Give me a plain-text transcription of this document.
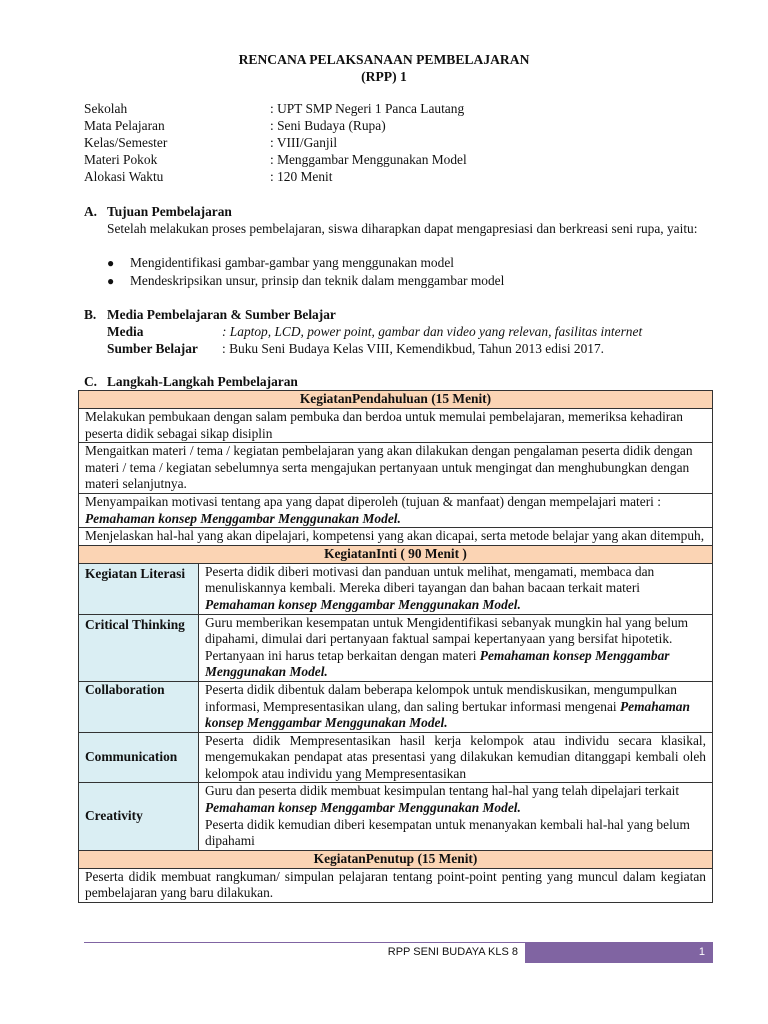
RENCANA PELAKSANAAN PEMBELAJARAN
(RPP) 1
Sekolah	: UPT SMP Negeri 1 Panca Lautang
Mata Pelajaran	: Seni Budaya (Rupa)
Kelas/Semester	: VIII/Ganjil
Materi Pokok	: Menggambar Menggunakan Model
Alokasi Waktu	: 120 Menit
A. Tujuan Pembelajaran
Setelah melakukan proses pembelajaran, siswa diharapkan dapat mengapresiasi dan berkreasi seni rupa, yaitu:
●	Mengidentifikasi gambar-gambar yang menggunakan model
●	Mendeskripsikan unsur, prinsip dan teknik dalam menggambar model
B. Media Pembelajaran & Sumber Belajar
Media	: Laptop, LCD, power point, gambar dan video yang relevan, fasilitas internet
Sumber Belajar	: Buku Seni Budaya Kelas VIII, Kemendikbud, Tahun 2013 edisi 2017.
C. Langkah-Langkah Pembelajaran
KegiatanPendahuluan (15 Menit)	
Melakukan pembukaan dengan salam pembuka dan berdoa untuk memulai pembelajaran, memeriksa kehadiran peserta didik sebagai sikap disiplin	
Mengaitkan materi / tema / kegiatan pembelajaran yang akan dilakukan dengan pengalaman peserta didik dengan materi / tema / kegiatan sebelumnya serta mengajukan pertanyaan untuk mengingat dan menghubungkan dengan materi selanjutnya.	
Menyampaikan motivasi tentang apa yang dapat diperoleh (tujuan & manfaat) dengan mempelajari materi : Pemahaman konsep Menggambar Menggunakan Model.	
Menjelaskan hal-hal yang akan dipelajari, kompetensi yang akan dicapai, serta metode belajar yang akan ditempuh,	
KegiatanInti ( 90 Menit )	
Kegiatan Literasi	Peserta didik diberi motivasi dan panduan untuk melihat, mengamati, membaca dan menuliskannya kembali. Mereka diberi tayangan dan bahan bacaan terkait materi Pemahaman konsep Menggambar Menggunakan Model.
Critical Thinking	Guru memberikan kesempatan untuk Mengidentifikasi sebanyak mungkin hal yang belum dipahami, dimulai dari pertanyaan faktual sampai kepertanyaan yang bersifat hipotetik. Pertanyaan ini harus tetap berkaitan dengan materi Pemahaman konsep Menggambar Menggunakan Model.
Collaboration	Peserta didik dibentuk dalam beberapa kelompok untuk mendiskusikan, mengumpulkan informasi, Mempresentasikan ulang, dan saling bertukar informasi mengenai Pemahaman konsep Menggambar Menggunakan Model.
Communication	Peserta didik Mempresentasikan hasil kerja kelompok atau individu secara klasikal, mengemukakan pendapat atas presentasi yang dilakukan kemudian ditanggapi kembali oleh kelompok atau individu yang Mempresentasikan
Creativity	Guru dan peserta didik membuat kesimpulan tentang hal-hal yang telah dipelajari terkait Pemahaman konsep Menggambar Menggunakan Model.
Peserta didik kemudian diberi kesempatan untuk menanyakan kembali hal-hal yang belum dipahami
KegiatanPenutup (15 Menit)	
Peserta didik membuat rangkuman/ simpulan pelajaran tentang point-point penting yang muncul dalam kegiatan pembelajaran yang baru dilakukan.	
RPP SENI BUDAYA KLS 8	1
